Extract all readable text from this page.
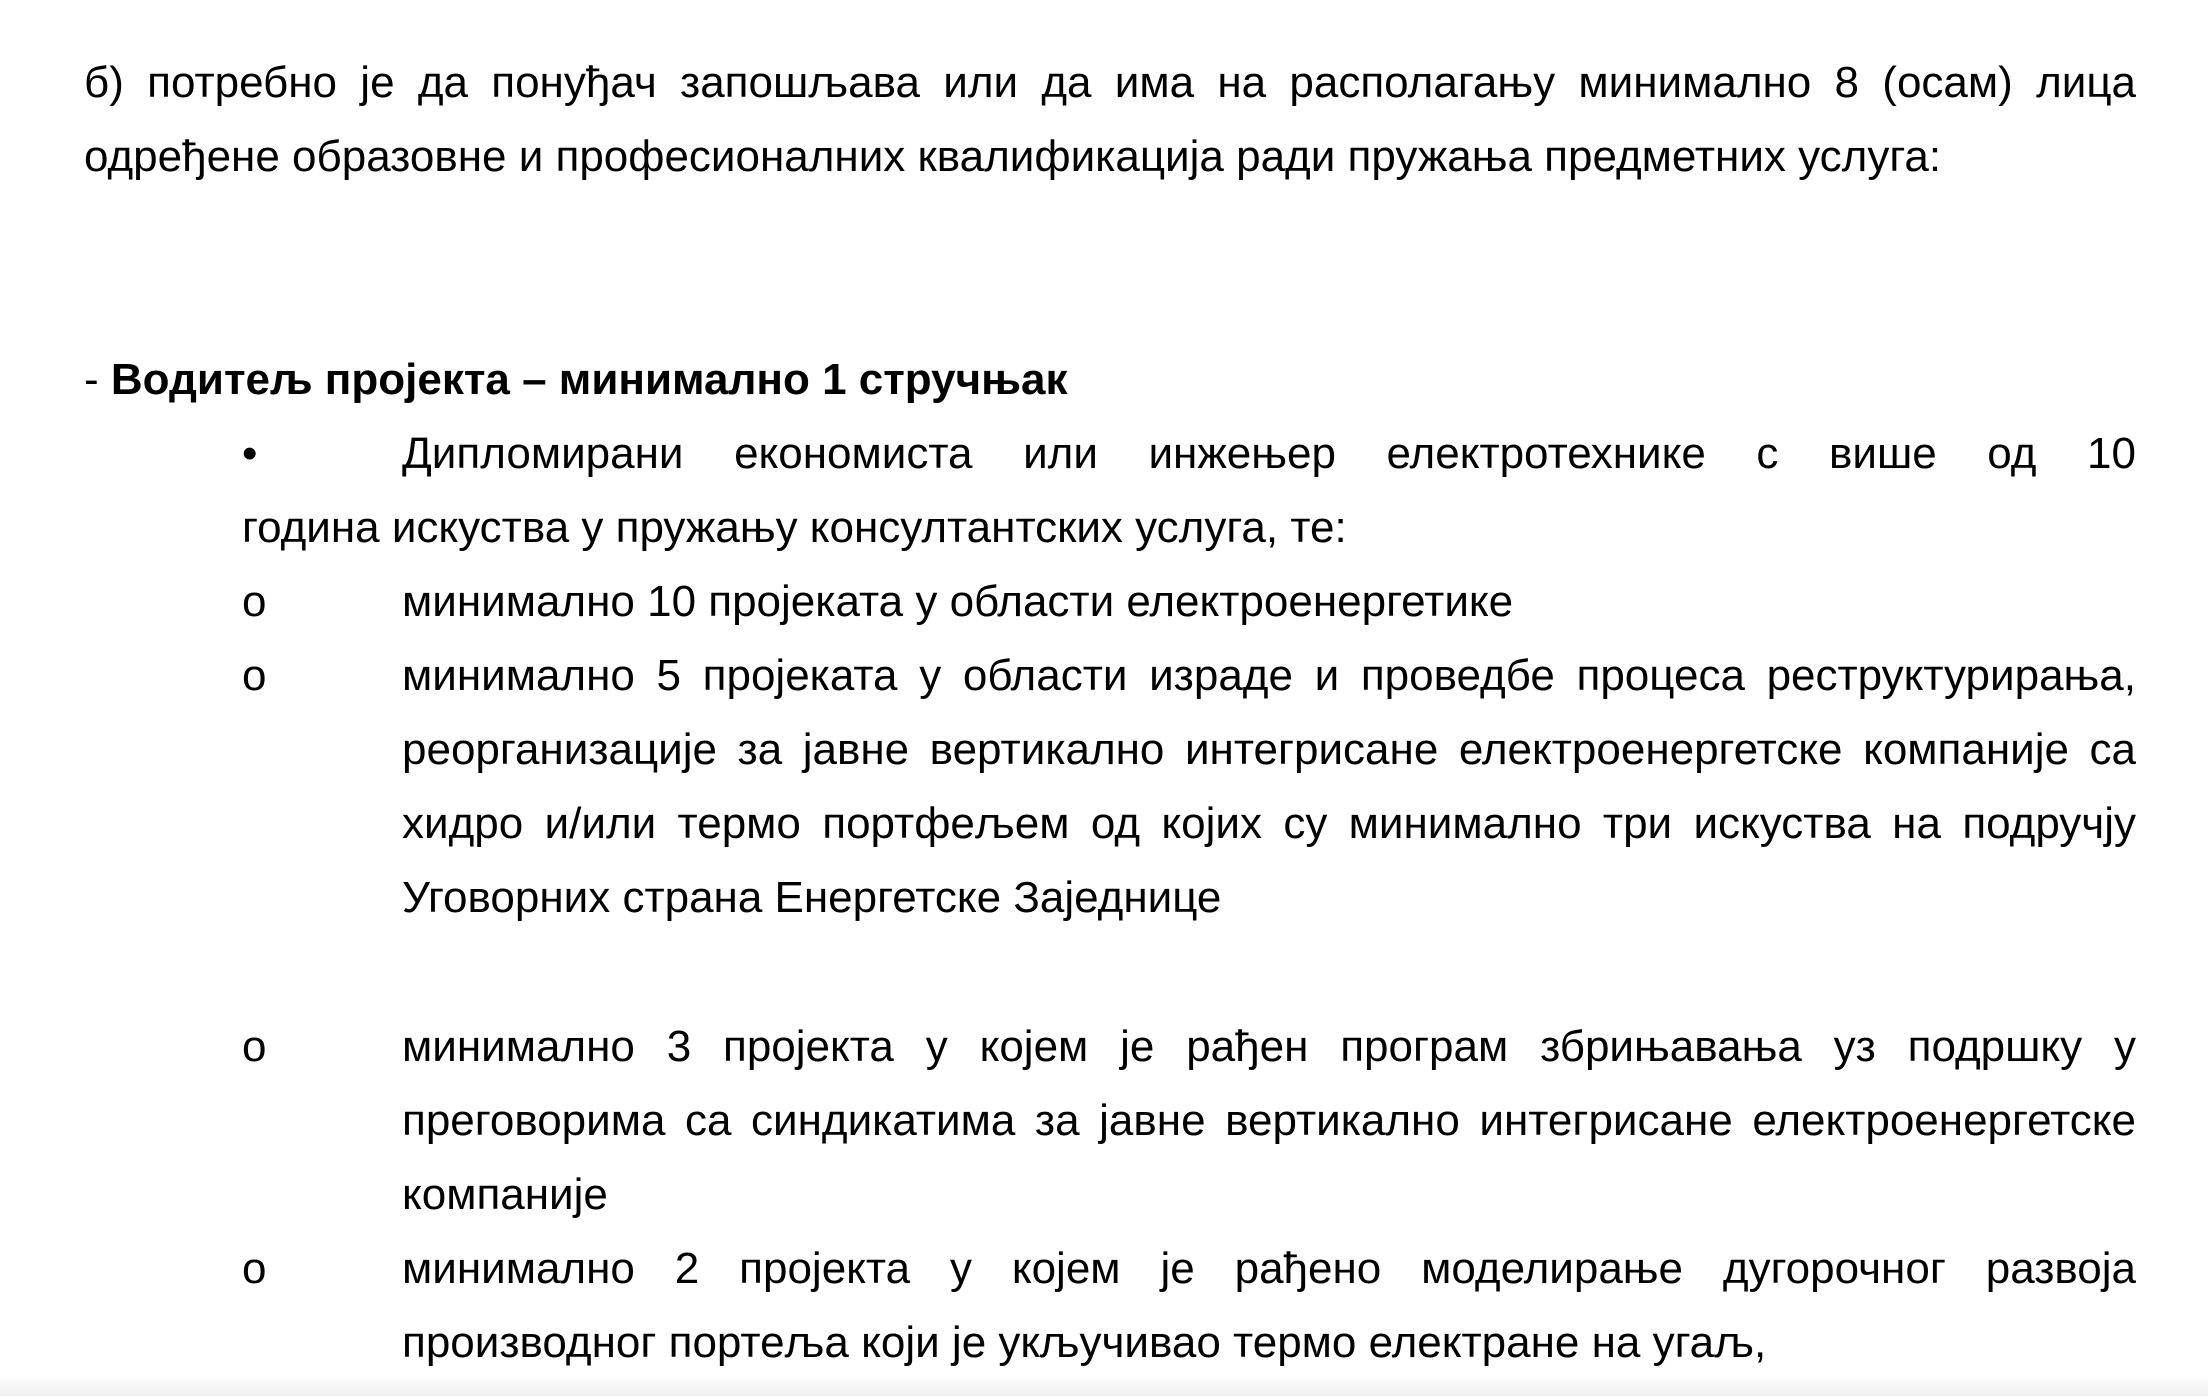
б) потребно је да понуђач запошљава или да има на располагању минимално 8 (осам) лица одређене образовне и професионалних квалификација ради пружања предметних услуга:
- Водитељ пројекта – минимално 1 стручњак
•	Дипломирани економиста или инжењер електротехнике с више од 10
година искуства у пружању консултантских услуга, те:
o	минимално 10 пројеката у области електроенергетике
o	минимално 5 пројеката у области израде и проведбе процеса реструктурирања, реорганизације за јавне вертикално интегрисане електроенергетске компаније са хидро и/или термо портфељем од којих су минимално три искуства на подручју Уговорних страна Енергетске Заједнице
o	минимално 3 пројекта у којем је рађен програм збрињавања уз подршку у преговорима са синдикатима за јавне вертикално интегрисане електроенергетске компаније
o	минимално 2 пројекта у којем је рађено моделирање дугорочног развоја производног портеља који је укључивао термо електране на угаљ,
